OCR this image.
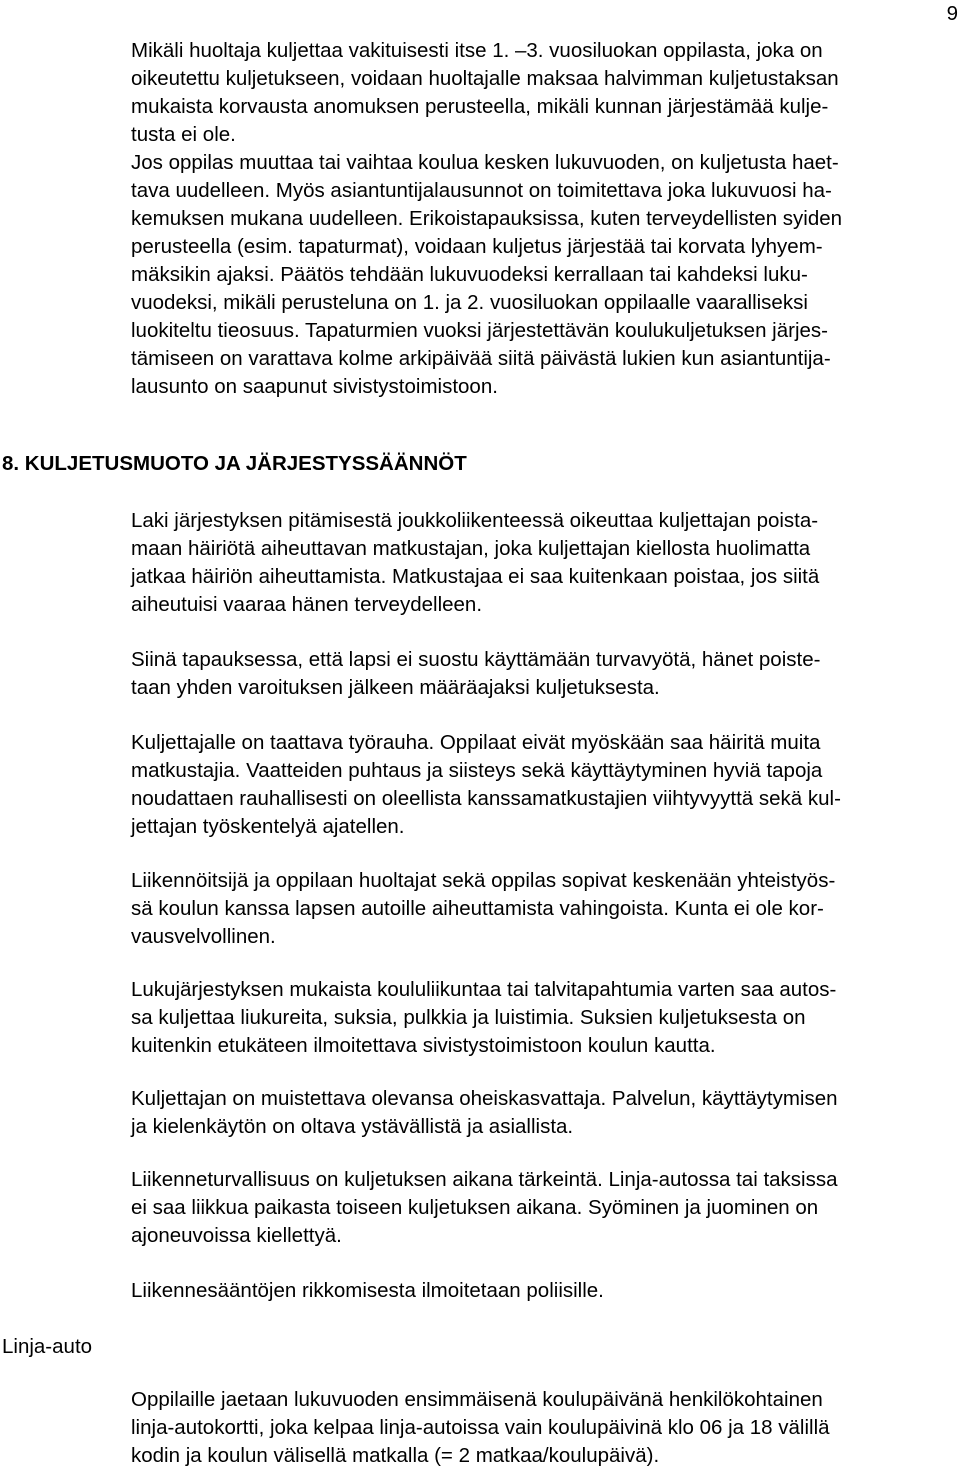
9
Mikäli huoltaja kuljettaa vakituisesti itse 1. –3. vuosiluokan oppilasta, joka on
oikeutettu kuljetukseen, voidaan huoltajalle maksaa halvimman kuljetustaksan
mukaista korvausta anomuksen perusteella, mikäli kunnan järjestämää kulje-
tusta ei ole.
Jos oppilas muuttaa tai vaihtaa koulua kesken lukuvuoden, on kuljetusta haet-
tava uudelleen. Myös asiantuntijalausunnot on toimitettava joka lukuvuosi ha-
kemuksen mukana uudelleen. Erikoistapauksissa, kuten terveydellisten syiden
perusteella (esim. tapaturmat), voidaan kuljetus järjestää tai korvata lyhyem-
mäksikin ajaksi. Päätös tehdään lukuvuodeksi kerrallaan tai kahdeksi luku-
vuodeksi, mikäli perusteluna on 1. ja 2. vuosiluokan oppilaalle vaaralliseksi
luokiteltu tieosuus. Tapaturmien vuoksi järjestettävän koulukuljetuksen järjes-
tämiseen on varattava kolme arkipäivää siitä päivästä lukien kun asiantuntija-
lausunto on saapunut sivistystoimistoon.
8. KULJETUSMUOTO JA JÄRJESTYSSÄÄNNÖT
Laki järjestyksen pitämisestä joukkoliikenteessä oikeuttaa kuljettajan poista-
maan häiriötä aiheuttavan matkustajan, joka kuljettajan kiellosta huolimatta
jatkaa häiriön aiheuttamista. Matkustajaa ei saa kuitenkaan poistaa, jos siitä
aiheutuisi vaaraa hänen terveydelleen.
Siinä tapauksessa, että lapsi ei suostu käyttämään turvavyötä, hänet poiste-
taan yhden varoituksen jälkeen määräajaksi kuljetuksesta.
Kuljettajalle on taattava työrauha. Oppilaat eivät myöskään saa häiritä muita
matkustajia. Vaatteiden puhtaus ja siisteys sekä käyttäytyminen hyviä tapoja
noudattaen rauhallisesti on oleellista kanssamatkustajien viihtyvyyttä sekä kul-
jettajan työskentelyä ajatellen.
Liikennöitsijä ja oppilaan huoltajat sekä oppilas sopivat keskenään yhteistyös-
sä koulun kanssa lapsen autoille aiheuttamista vahingoista. Kunta ei ole kor-
vausvelvollinen.
Lukujärjestyksen mukaista koululiikuntaa tai talvitapahtumia varten saa autos-
sa kuljettaa liukureita, suksia, pulkkia ja luistimia. Suksien kuljetuksesta on
kuitenkin etukäteen ilmoitettava sivistystoimistoon koulun kautta.
Kuljettajan on muistettava olevansa oheiskasvattaja. Palvelun, käyttäytymisen
ja kielenkäytön on oltava ystävällistä ja asiallista.
Liikenneturvallisuus on kuljetuksen aikana tärkeintä. Linja-autossa tai taksissa
ei saa liikkua paikasta toiseen kuljetuksen aikana. Syöminen ja juominen on
ajoneuvoissa kiellettyä.
Liikennesääntöjen rikkomisesta ilmoitetaan poliisille.
Linja-auto
Oppilaille jaetaan lukuvuoden ensimmäisenä koulupäivänä henkilökohtainen
linja-autokortti, joka kelpaa linja-autoissa vain koulupäivinä klo 06 ja 18 välillä
kodin ja koulun välisellä matkalla (= 2 matkaa/koulupäivä).
